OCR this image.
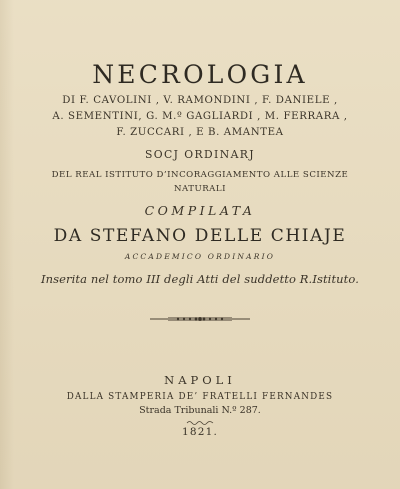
NECROLOGIA
DI F. CAVOLINI , V. RAMONDINI , F. DANIELE ,
A. SEMENTINI, G. M.º GAGLIARDI , M. FERRARA ,
F. ZUCCARI , E B. AMANTEA
SOCJ ORDINARJ
DEL REAL ISTITUTO D’INCORAGGIAMENTO ALLE SCIENZE
NATURALI
COMPILATA
DA STEFANO DELLE CHIAJE
ACCADEMICO ORDINARIO
Inserita nel tomo III degli Atti del suddetto R.Istituto.
NAPOLI
DALLA STAMPERIA DE’ FRATELLI FERNANDES
Strada Tribunali N.º 287.
1821.
